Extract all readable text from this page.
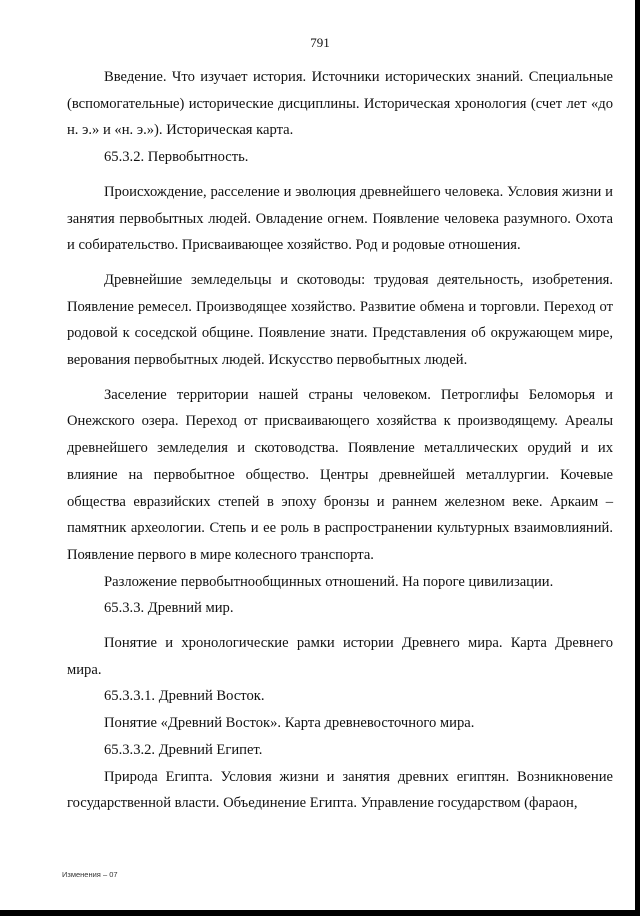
791

Введение. Что изучает история. Источники исторических знаний. Специальные (вспомогательные) исторические дисциплины. Историческая хронология (счет лет «до н. э.» и «н. э.»). Историческая карта.

65.3.2. Первобытность.

Происхождение, расселение и эволюция древнейшего человека. Условия жизни и занятия первобытных людей. Овладение огнем. Появление человека разумного. Охота и собирательство. Присваивающее хозяйство. Род и родовые отношения.

Древнейшие земледельцы и скотоводы: трудовая деятельность, изобретения. Появление ремесел. Производящее хозяйство. Развитие обмена и торговли. Переход от родовой к соседской общине. Появление знати. Представления об окружающем мире, верования первобытных людей. Искусство первобытных людей.

Заселение территории нашей страны человеком. Петроглифы Беломорья и Онежского озера. Переход от присваивающего хозяйства к производящему. Ареалы древнейшего земледелия и скотоводства. Появление металлических орудий и их влияние на первобытное общество. Центры древнейшей металлургии. Кочевые общества евразийских степей в эпоху бронзы и раннем железном веке. Аркаим – памятник археологии. Степь и ее роль в распространении культурных взаимовлияний. Появление первого в мире колесного транспорта.

Разложение первобытнообщинных отношений. На пороге цивилизации.

65.3.3. Древний мир.

Понятие и хронологические рамки истории Древнего мира. Карта Древнего мира.

65.3.3.1. Древний Восток.

Понятие «Древний Восток». Карта древневосточного мира.

65.3.3.2. Древний Египет.

Природа Египта. Условия жизни и занятия древних египтян. Возникновение государственной власти. Объединение Египта. Управление государством (фараон,

Изменения – 07
